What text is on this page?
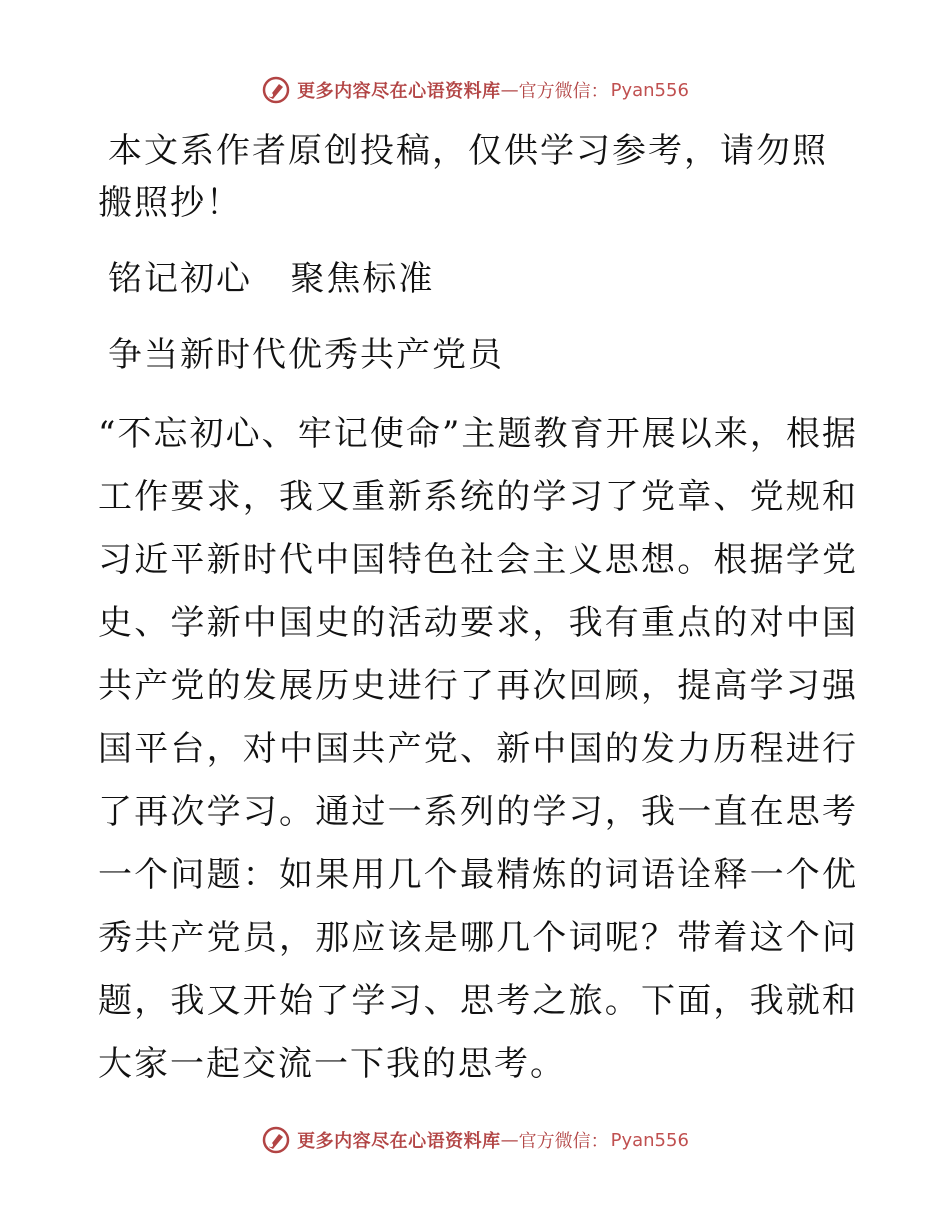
更多内容尽在心语资料库 — 官方微信： Pyan556

本文系作者原创投稿，仅供学习参考，请勿照搬照抄！

铭记初心   聚焦标准

争当新时代优秀共产党员

“不忘初心、牢记使命”主题教育开展以来，根据工作要求，我又重新系统的学习了党章、党规和习近平新时代中国特色社会主义思想。根据学党史、学新中国史的活动要求，我有重点的对中国共产党的发展历史进行了再次回顾，提高学习强国平台，对中国共产党、新中国的发力历程进行了再次学习。通过一系列的学习，我一直在思考一个问题：如果用几个最精炼的词语诠释一个优秀共产党员，那应该是哪几个词呢？带着这个问题，我又开始了学习、思考之旅。下面，我就和大家一起交流一下我的思考。

更多内容尽在心语资料库 — 官方微信： Pyan556
